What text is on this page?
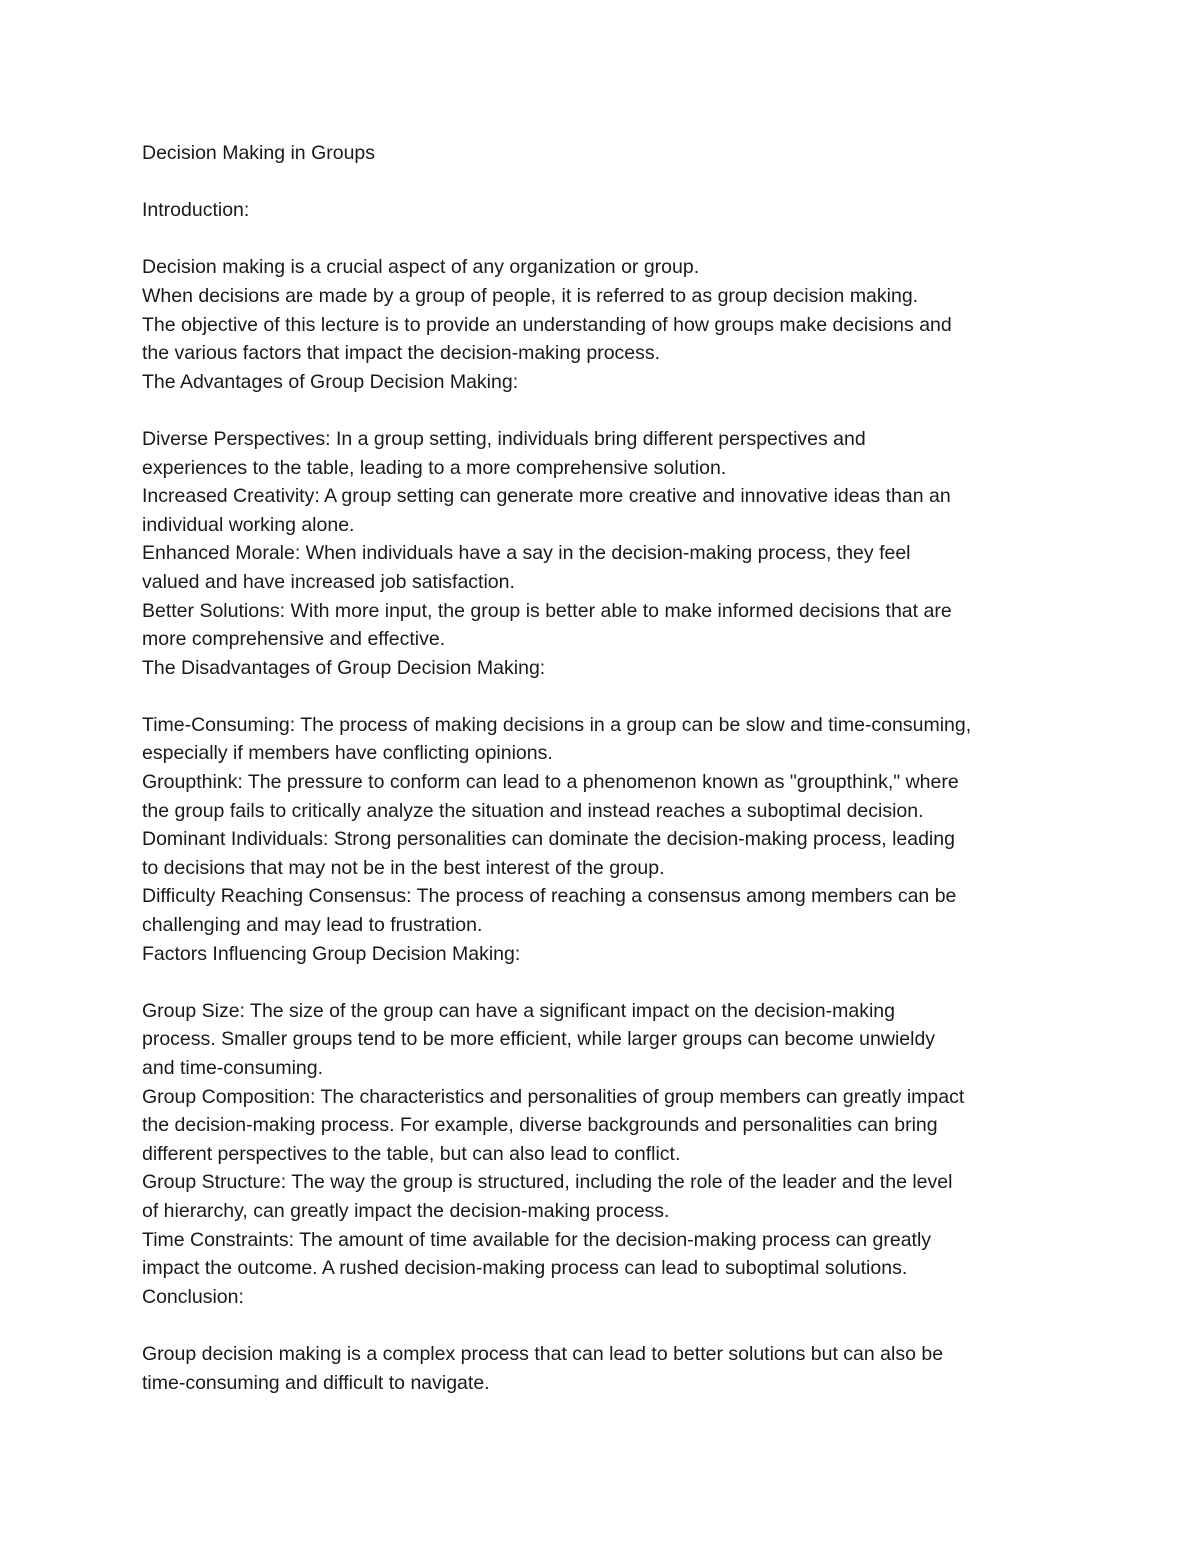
Decision Making in Groups
Introduction:
Decision making is a crucial aspect of any organization or group.
When decisions are made by a group of people, it is referred to as group decision making.
The objective of this lecture is to provide an understanding of how groups make decisions and
the various factors that impact the decision-making process.
The Advantages of Group Decision Making:
Diverse Perspectives: In a group setting, individuals bring different perspectives and
experiences to the table, leading to a more comprehensive solution.
Increased Creativity: A group setting can generate more creative and innovative ideas than an
individual working alone.
Enhanced Morale: When individuals have a say in the decision-making process, they feel
valued and have increased job satisfaction.
Better Solutions: With more input, the group is better able to make informed decisions that are
more comprehensive and effective.
The Disadvantages of Group Decision Making:
Time-Consuming: The process of making decisions in a group can be slow and time-consuming,
especially if members have conflicting opinions.
Groupthink: The pressure to conform can lead to a phenomenon known as "groupthink," where
the group fails to critically analyze the situation and instead reaches a suboptimal decision.
Dominant Individuals: Strong personalities can dominate the decision-making process, leading
to decisions that may not be in the best interest of the group.
Difficulty Reaching Consensus: The process of reaching a consensus among members can be
challenging and may lead to frustration.
Factors Influencing Group Decision Making:
Group Size: The size of the group can have a significant impact on the decision-making
process. Smaller groups tend to be more efficient, while larger groups can become unwieldy
and time-consuming.
Group Composition: The characteristics and personalities of group members can greatly impact
the decision-making process. For example, diverse backgrounds and personalities can bring
different perspectives to the table, but can also lead to conflict.
Group Structure: The way the group is structured, including the role of the leader and the level
of hierarchy, can greatly impact the decision-making process.
Time Constraints: The amount of time available for the decision-making process can greatly
impact the outcome. A rushed decision-making process can lead to suboptimal solutions.
Conclusion:
Group decision making is a complex process that can lead to better solutions but can also be
time-consuming and difficult to navigate.
